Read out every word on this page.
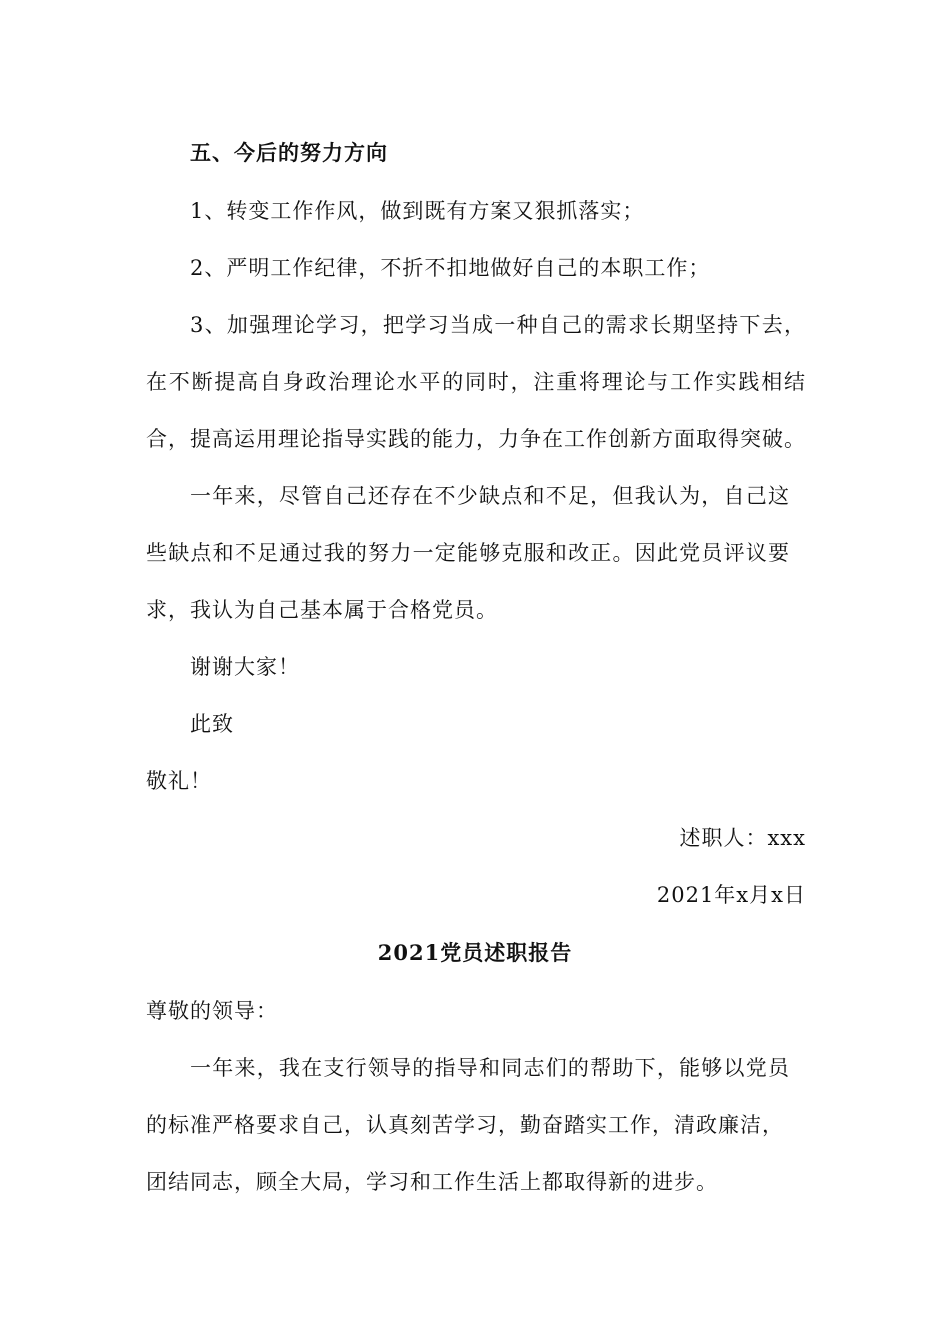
五、今后的努力方向
1、转变工作作风，做到既有方案又狠抓落实；
2、严明工作纪律，不折不扣地做好自己的本职工作；
3、加强理论学习，把学习当成一种自己的需求长期坚持下去，
在不断提高自身政治理论水平的同时，注重将理论与工作实践相结
合，提高运用理论指导实践的能力，力争在工作创新方面取得突破。
一年来，尽管自己还存在不少缺点和不足，但我认为，自己这
些缺点和不足通过我的努力一定能够克服和改正。因此党员评议要
求，我认为自己基本属于合格党员。
谢谢大家！
此致
敬礼！
述职人：xxx
2021年x月x日
2021党员述职报告
尊敬的领导：
一年来，我在支行领导的指导和同志们的帮助下，能够以党员
的标准严格要求自己，认真刻苦学习，勤奋踏实工作，清政廉洁，
团结同志，顾全大局，学习和工作生活上都取得新的进步。
